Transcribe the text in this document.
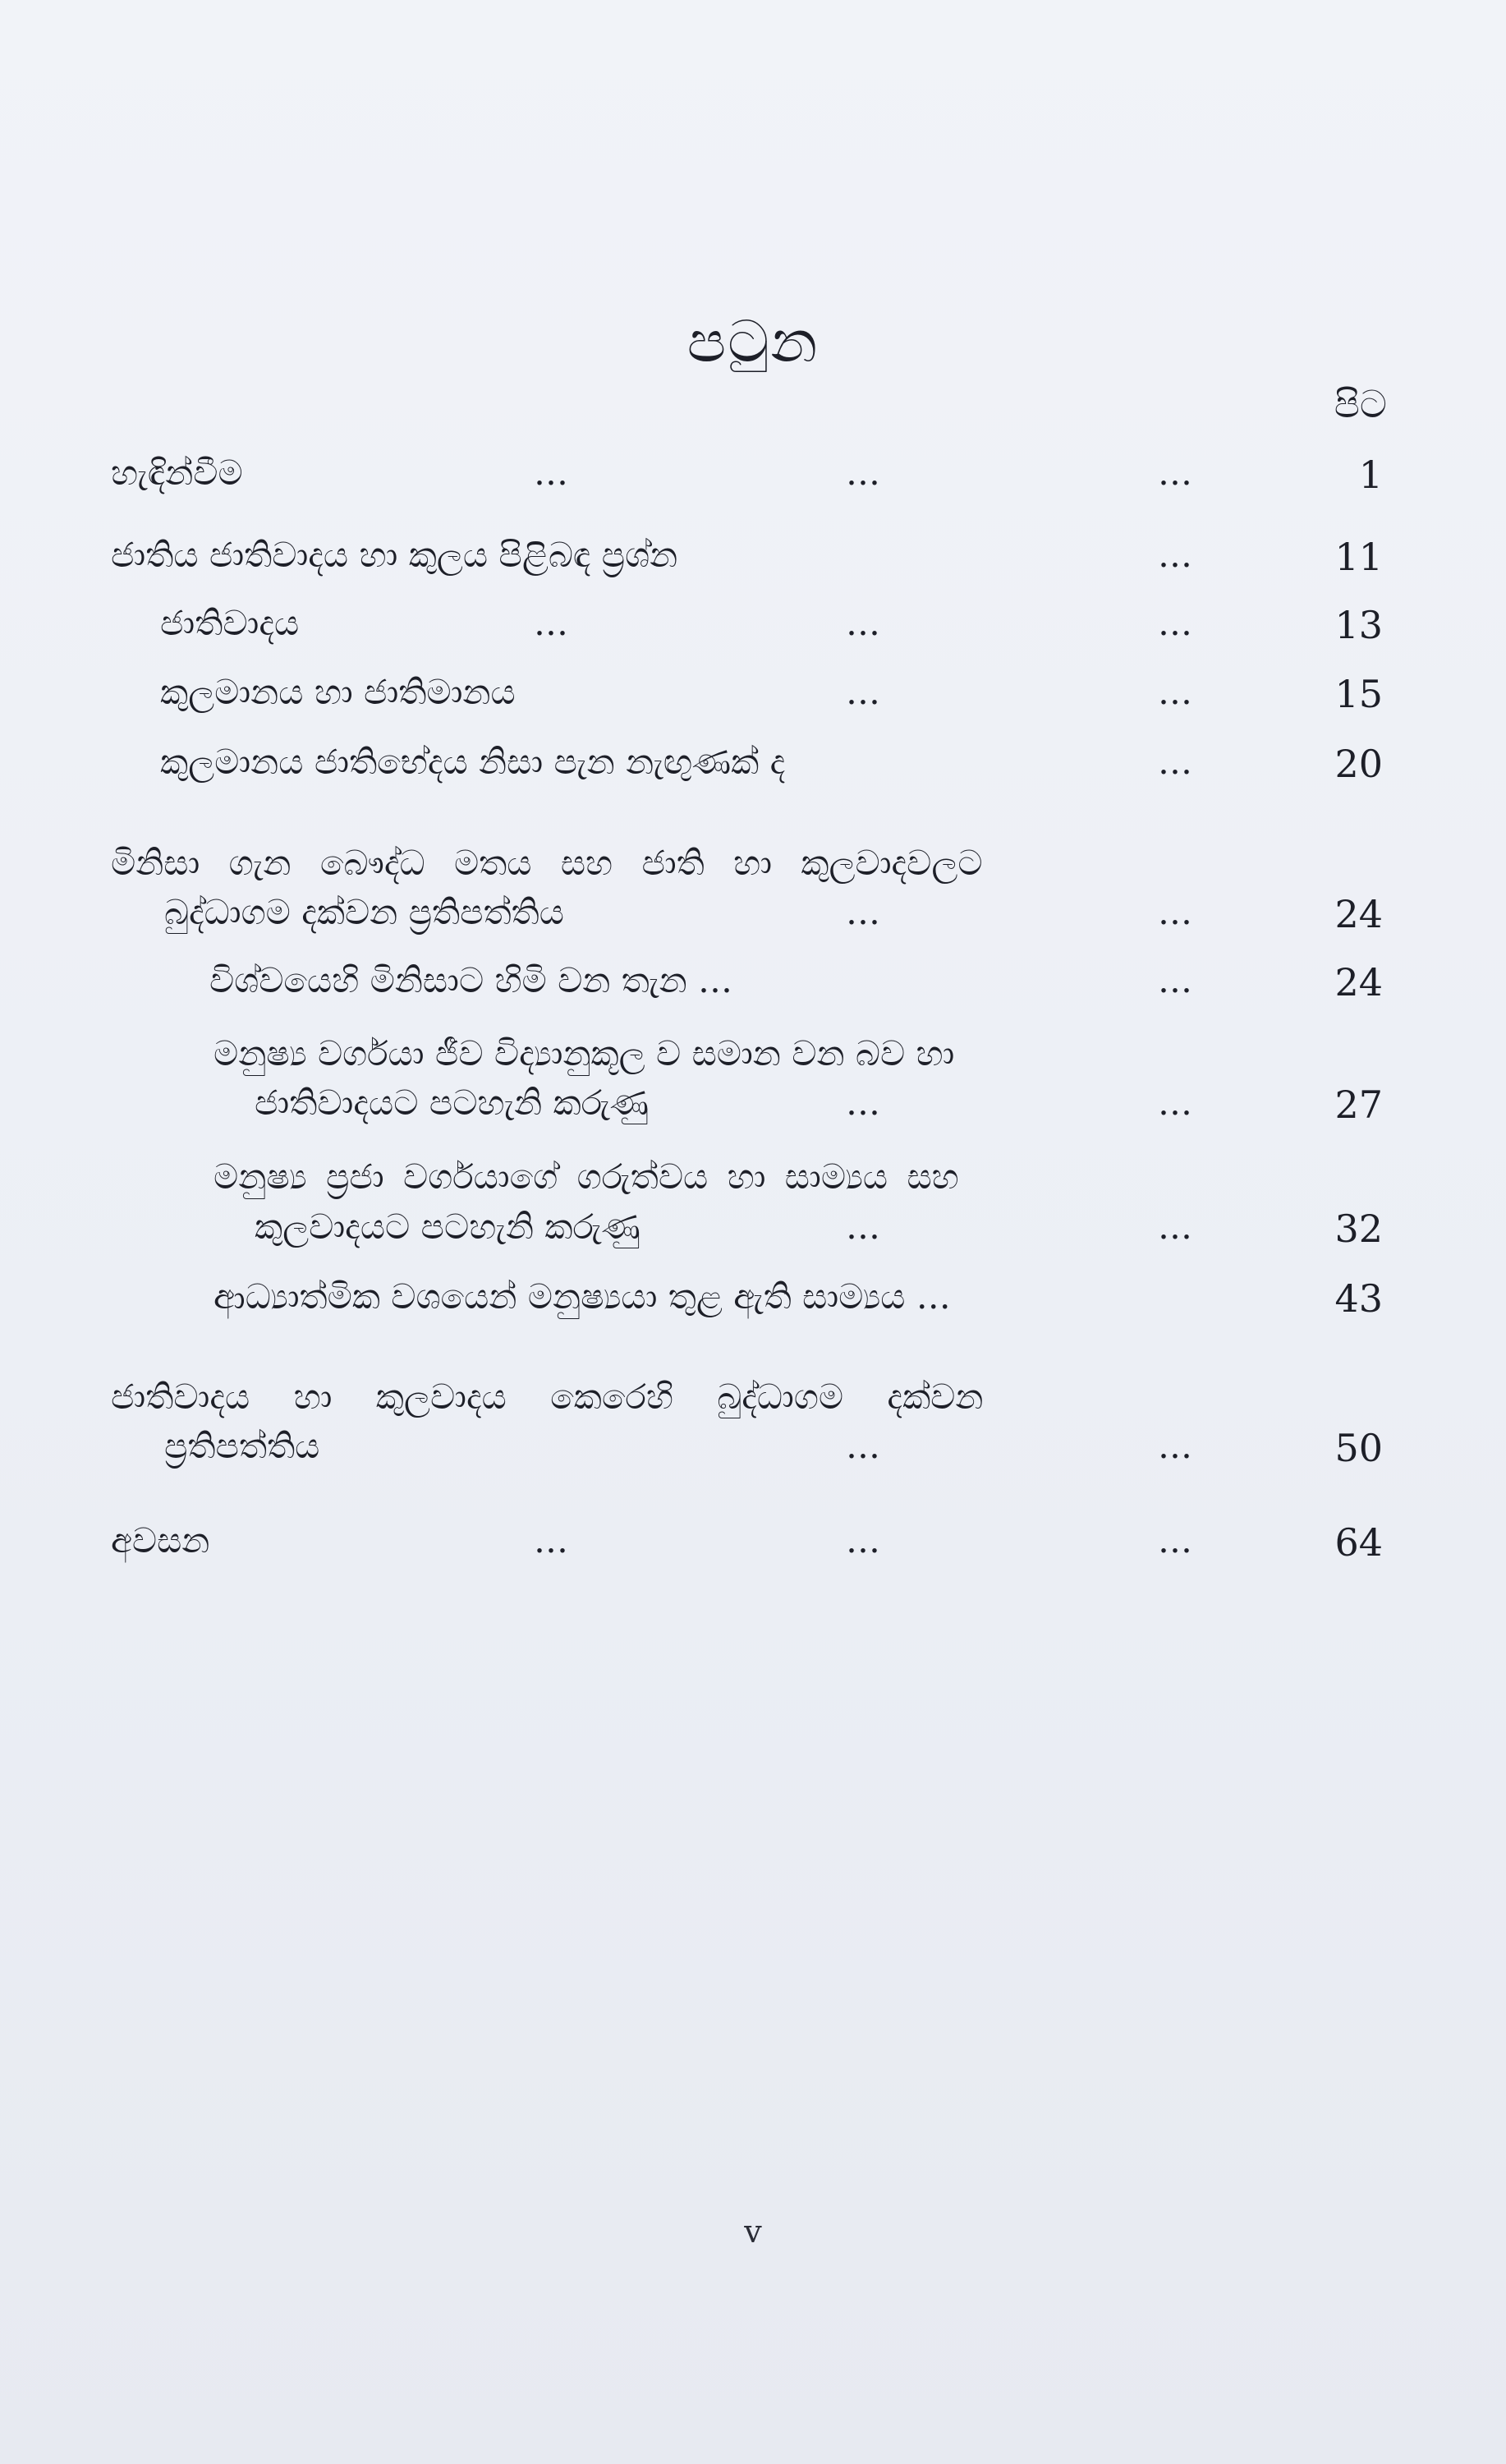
පටුන
පිට
හැඳින්වීම	…	…	…	1
ජාතිය ජාතිවාදය හා කුලය පිළිබඳ ප්‍රශ්න	…	11
ජාතිවාදය	…	…	…	13
කුලමානය හා ජාතිමානය	…	…	15
කුලමානය ජාතිභේදය නිසා පැන නැඟුණක් ද	…	20
මිනිසා ගැන බෞද්ධ මතය සහ ජාති හා කුලවාදවලට
බුද්ධාගම දක්වන ප්‍රතිපත්තිය	…	…	24
විශ්වයෙහි මිනිසාට හිමි වන තැන …	…	24
මනුෂ්‍ය වර්ගයා ජීව විද්‍යානුකූල ව සමාන වන බව හා
ජාතිවාදයට පටහැනි කරුණු	…	…	27
මනුෂ්‍ය ප්‍රජා වර්ගයාගේ ගරුත්වය හා සාම්‍යය සහ
කුලවාදයට පටහැනි කරුණු	…	…	32
ආධ්‍යාත්මික වශයෙන් මනුෂ්‍යයා තුළ ඇති සාම්‍යය …	43
ජාතිවාදය හා කුලවාදය කෙරෙහි බුද්ධාගම දක්වන
ප්‍රතිපත්තිය	…	…	50
අවසන	…	…	…	64
v
